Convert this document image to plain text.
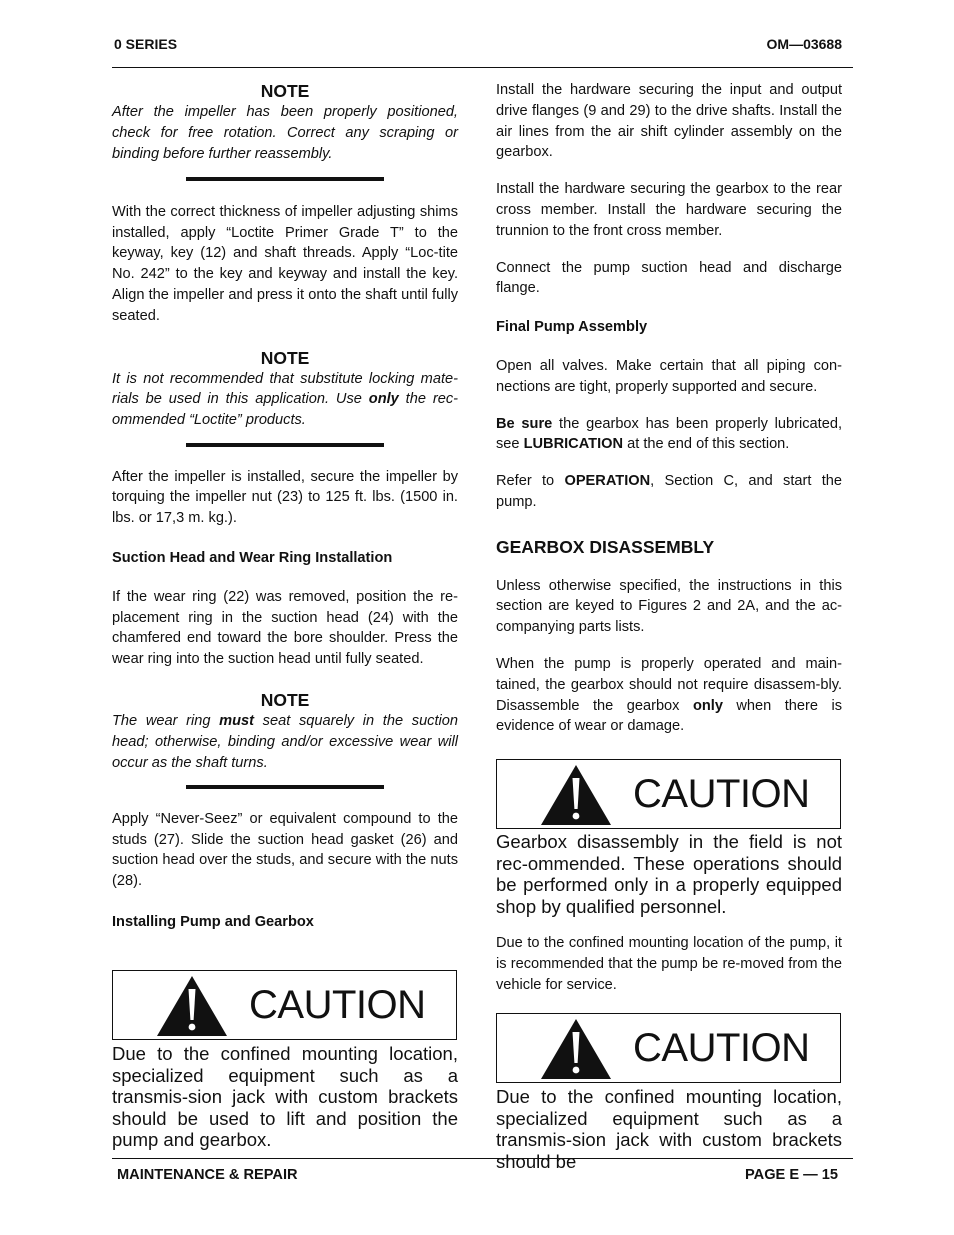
0 SERIES	OM—03688

NOTE

After the impeller has been properly positioned, check for free rotation. Correct any scraping or binding before further reassembly.

With the correct thickness of impeller adjusting shims installed, apply “Loctite Primer Grade T” to the keyway, key (12) and shaft threads. Apply “Loc-tite No. 242” to the key and keyway and install the key. Align the impeller and press it onto the shaft until fully seated.

NOTE

It is not recommended that substitute locking mate-rials be used in this application. Use only the rec-ommended “Loctite” products.

After the impeller is installed, secure the impeller by torquing the impeller nut (23) to 125 ft. lbs. (1500 in. lbs. or 17,3 m. kg.).

Suction Head and Wear Ring Installation

If the wear ring (22) was removed, position the re-placement ring in the suction head (24) with the chamfered end toward the bore shoulder. Press the wear ring into the suction head until fully seated.

NOTE

The wear ring must seat squarely in the suction head; otherwise, binding and/or excessive wear will occur as the shaft turns.

Apply “Never-Seez” or equivalent compound to the studs (27). Slide the suction head gasket (26) and suction head over the studs, and secure with the nuts (28).

Installing Pump and Gearbox

CAUTION

Due to the confined mounting location, specialized equipment such as a transmis-sion jack with custom brackets should be used to lift and position the pump and gearbox.

Install the hardware securing the input and output drive flanges (9 and 29) to the drive shafts. Install the air lines from the air shift cylinder assembly on the gearbox.

Install the hardware securing the gearbox to the rear cross member. Install the hardware securing the trunnion to the front cross member.

Connect the pump suction head and discharge flange.

Final Pump Assembly

Open all valves. Make certain that all piping con-nections are tight, properly supported and secure.

Be sure the gearbox has been properly lubricated, see LUBRICATION at the end of this section.

Refer to OPERATION, Section C, and start the pump.

GEARBOX DISASSEMBLY

Unless otherwise specified, the instructions in this section are keyed to Figures 2 and 2A, and the ac-companying parts lists.

When the pump is properly operated and main-tained, the gearbox should not require disassem-bly. Disassemble the gearbox only when there is evidence of wear or damage.

CAUTION

Gearbox disassembly in the field is not rec-ommended. These operations should be performed only in a properly equipped shop by qualified personnel.

Due to the confined mounting location of the pump, it is recommended that the pump be re-moved from the vehicle for service.

CAUTION

Due to the confined mounting location, specialized equipment such as a transmis-sion jack with custom brackets should be

MAINTENANCE & REPAIR	PAGE E — 15
